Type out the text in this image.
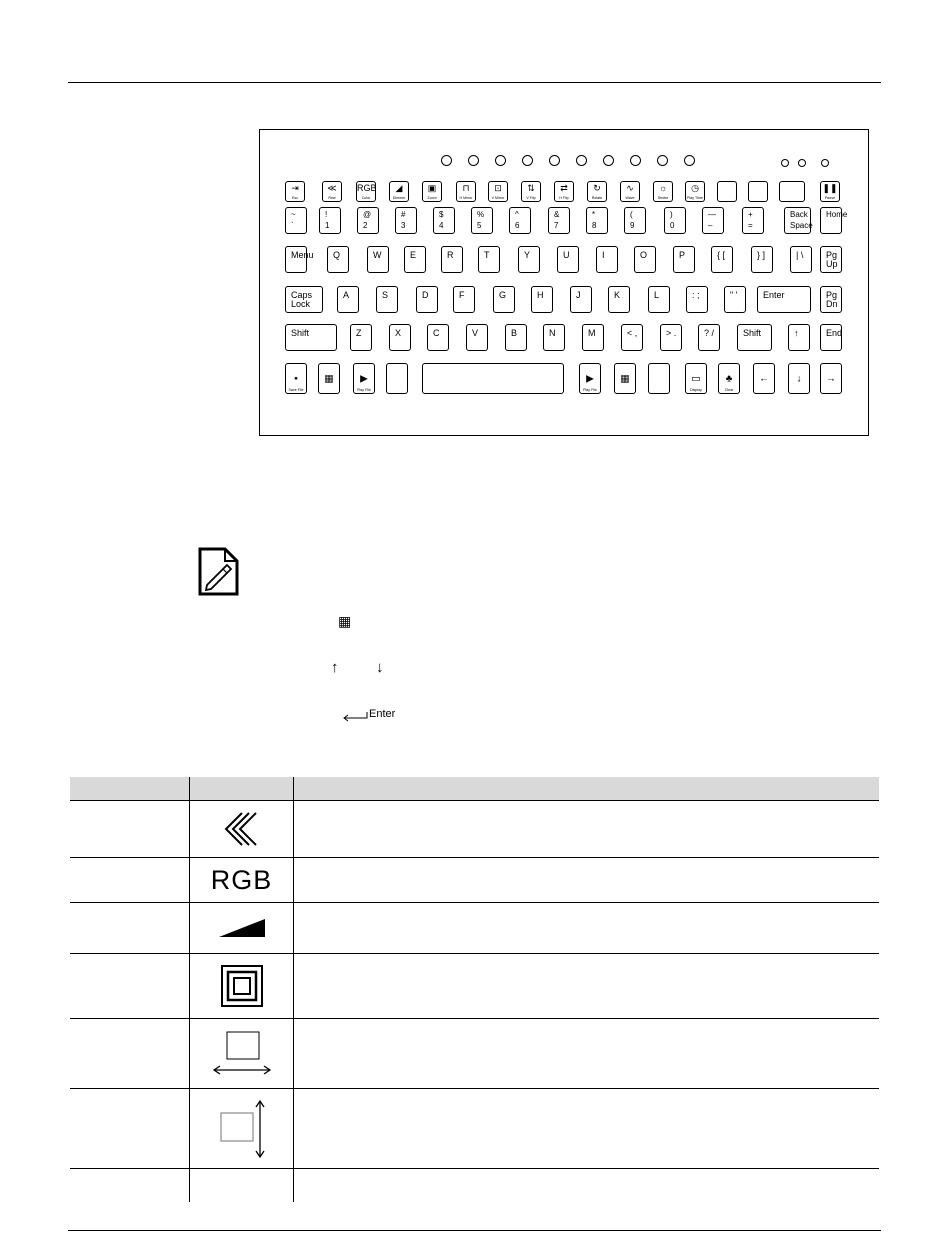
⇥
Esc
≪
Rew
RGB
Color
◢
Dimmer
▣
Zoom
⊓
H Mirror
⊡
V Mirror
⇅
V Flip
⇄
H Flip
↻
Rotate
∿
Wave
☼
Strobe
◷
Play Time
❚❚
Pause
~
`
!
1
@
2
#
3
$
4
%
5
^
6
&
7
*
8
(
9
)
0
—
–
+
=
Back
Space
Home
Menu Q	W	E	R	T	Y	U	I	O	P	{ [	} ]	| \	Pg Up
Caps Lock
A	S	D	F	G	H	J	K	L	: ;	" '	Enter	Pg Dn
Shift	Z	X	C	V	B	N	M	< ,	> .	? /	Shift	↑	End
▪
Save File
▦	▶
Play File
▶
Play File
▦	▭
Display
♣
Clear
←	↓	→
▦
↑	↓
Enter
RGB
